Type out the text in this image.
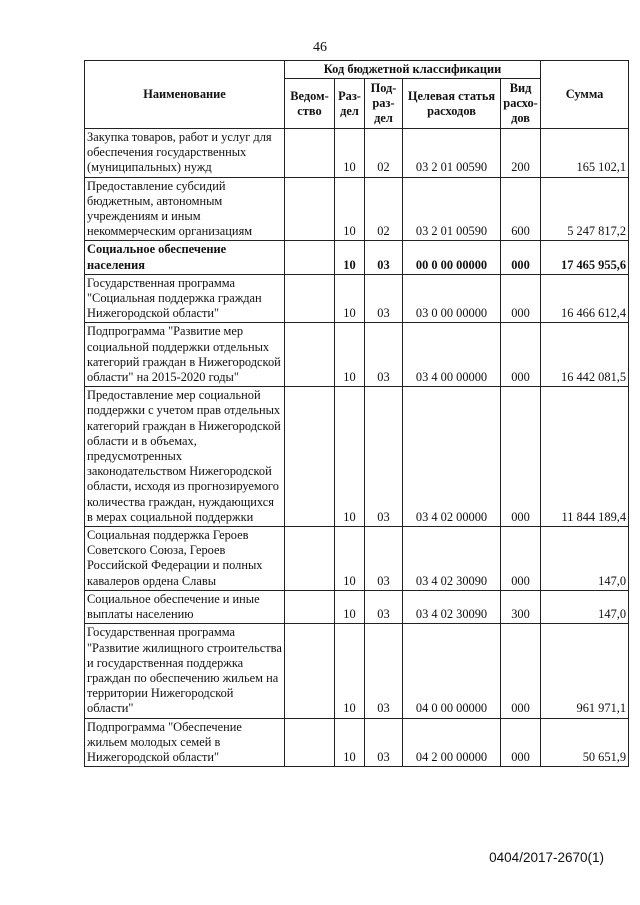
46
Наименование	Код бюджетной классификации					Сумма
	Ведом-ство	Раз-дел	Под-раз-дел	Целевая статья расходов	Вид расхо-дов	
Закупка товаров, работ и услуг для обеспечения государственных (муниципальных) нужд		10	02	03 2 01 00590	200	165 102,1
Предоставление субсидий бюджетным, автономным учреждениям и иным некоммерческим организациям		10	02	03 2 01 00590	600	5 247 817,2
Социальное обеспечение населения		10	03	00 0 00 00000	000	17 465 955,6
Государственная программа "Социальная поддержка граждан Нижегородской области"		10	03	03 0 00 00000	000	16 466 612,4
Подпрограмма "Развитие мер социальной поддержки отдельных категорий граждан в Нижегородской области" на 2015-2020 годы"		10	03	03 4 00 00000	000	16 442 081,5
Предоставление мер социальной поддержки с учетом прав отдельных категорий граждан в Нижегородской области и в объемах, предусмотренных законодательством Нижегородской области, исходя из прогнозируемого количества граждан, нуждающихся в мерах социальной поддержки		10	03	03 4 02 00000	000	11 844 189,4
Социальная поддержка Героев Советского Союза, Героев Российской Федерации и полных кавалеров ордена Славы		10	03	03 4 02 30090	000	147,0
Социальное обеспечение и иные выплаты населению		10	03	03 4 02 30090	300	147,0
Государственная программа "Развитие жилищного строительства и государственная поддержка граждан по обеспечению жильем на территории Нижегородской области"		10	03	04 0 00 00000	000	961 971,1
Подпрограмма "Обеспечение жильем молодых семей в Нижегородской области"		10	03	04 2 00 00000	000	50 651,9
0404/2017-2670(1)
